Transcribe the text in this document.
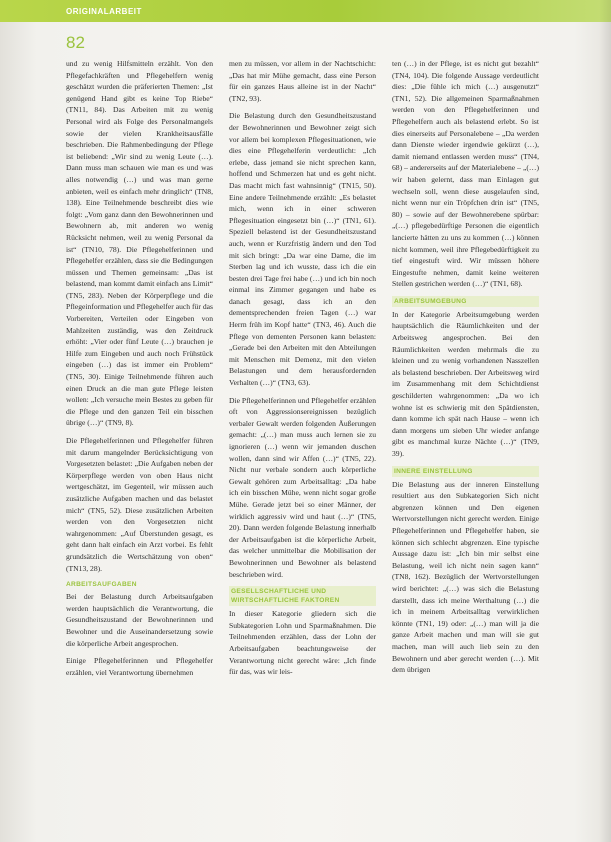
ORIGINALARBEIT
82

und zu wenig Hilfsmitteln erzählt. Von den Pflegefachkräften und Pflegehelfern wenig geschätzt wurden die präferierten Themen: „Ist genügend Hand gibt es keine Top Riebe“ (TN11, 84). Das Arbeiten mit zu wenig Personal wird als Folge des Personalmangels sowie der vielen Krankheitsausfälle beschrieben. Die Rahmenbedingung der Pflege ist beliebend: „Wir sind zu wenig Leute (…). Dann muss man schauen wie man es und was alles notwendig (…) und was man gerne anbieten, weil es einfach mehr dringlich“ (TN8, 138). Eine Teilnehmende beschreibt dies wie folgt: „Vom ganz dann den Bewohnerinnen und Bewohnern ab, mit anderen wo wenig Rücksicht nehmen, weil zu wenig Personal da ist“ (TN10, 78). Die Pflegehelferinnen und Pflegehelfer erzählen, dass sie die Bedingungen müssen und Themen gemeinsam: „Das ist belastend, man kommt damit einfach ans Limit“ (TN5, 283). Neben der Körperpflege und die Pflegeinformation und Pflegehelfer auch für das Vorbereiten, Verteilen oder Eingeben von Mahlzeiten zuständig, was den Zeitdruck erhöht: „Vier oder fünf Leute (…) brauchen je Hilfe zum Eingeben und auch noch Frühstück eingeben (…) das ist immer ein Problem“ (TN5, 30). Einige Teilnehmende führen auch einen Druck an die man gute Pflege leisten wollen: „Ich versuche mein Bestes zu geben für die Pflege und den ganzen Teil ein bisschen übrige (…)“ (TN9, 8).

Die Pflegehelferinnen und Pflegehelfer führen mit darum mangelnder Berücksichtigung von Vorgesetzten belastet: „Die Aufgaben neben der Körperpflege werden von oben Haus nicht wertgeschätzt, im Gegenteil, wir müssen auch zusätzliche Aufgaben machen und das belastet mich“ (TN5, 52). Diese zusätzlichen Arbeiten werden von den Vorgesetzten nicht wahrgenommen: „Auf Überstunden gesagt, es geht dann halt einfach ein Arzt vorbei. Es fehlt grundsätzlich die Wertschätzung von oben“ (TN13, 28).

ARBEITSAUFGABEN

Bei der Belastung durch Arbeitsaufgaben werden hauptsächlich die Verantwortung, die Gesundheitszustand der Bewohnerinnen und Bewohner und die Auseinandersetzung sowie die körperliche Arbeit angesprochen.

Einige Pflegehelferinnen und Pflegehelfer erzählen, viel Verantwortung übernehmen

men zu müssen, vor allem in der Nachtschicht: „Das hat mir Mühe gemacht, dass eine Person für ein ganzes Haus alleine ist in der Nacht“ (TN2, 93).

Die Belastung durch den Gesundheitszustand der Bewohnerinnen und Bewohner zeigt sich vor allem bei komplexen Pflegesituationen, wie dies eine Pflegehelferin verdeutlicht: „Ich erlebe, dass jemand sie nicht sprechen kann, hoffend und Schmerzen hat und es geht nicht. Das macht mich fast wahnsinnig“ (TN15, 50). Eine andere Teilnehmende erzählt: „Es belastet mich, wenn ich in einer schweren Pflegesituation eingesetzt bin (…)“ (TN1, 61). Speziell belastend ist der Gesundheitszustand auch, wenn er Kurzfristig ändern und den Tod mit sich bringt: „Da war eine Dame, die im Sterben lag und ich wusste, dass ich die ein besten drei Tage frei habe (…) und ich bin noch einmal ins Zimmer gegangen und habe es danach gesagt, dass ich an den dementsprechenden freien Tagen (…) war Herrn früh im Kopf hatte“ (TN3, 46). Auch die Pflege von dementen Personen kann belasten: „Gerade bei den Arbeiten mit den Abteilungen mit Menschen mit Demenz, mit den vielen Belastungen und dem herausfordernden Verhalten (…)“ (TN3, 63).

Die Pflegehelferinnen und Pflegehelfer erzählen oft von Aggressionsereignissen bezüglich verbaler Gewalt werden folgenden Äußerungen gemacht: „(…) man muss auch lernen sie zu ignorieren (…) wenn wir jemanden duschen wollen, dann sind wir Affen (…)“ (TN5, 22). Nicht nur verbale sondern auch körperliche Gewalt gehören zum Arbeitsalltag: „Da habe ich ein bisschen Mühe, wenn nicht sogar große Mühe. Gerade jetzt bei so einer Männer, der wirklich aggressiv wird und haut (…)“ (TN5, 20). Dann werden folgende Belastung innerhalb der Arbeitsaufgaben ist die körperliche Arbeit, das welcher unmittelbar die Mobilisation der Bewohnerinnen und Bewohner als belastend beschrieben wird.

GESELLSCHAFTLICHE UND WIRTSCHAFTLICHE FAKTOREN

In dieser Kategorie gliedern sich die Subkategorien Lohn und Sparmaßnahmen. Die Teilnehmenden erzählen, dass der Lohn der Arbeitsaufgaben beachtungsweise der Verantwortung nicht gerecht wäre: „Ich finde für das, was wir leis-

ten (…) in der Pflege, ist es nicht gut bezahlt“ (TN4, 104). Die folgende Aussage verdeutlicht dies: „Die fühle ich mich (…) ausgenutzt“ (TN1, 52). Die allgemeinen Sparmaßnahmen werden von den Pflegehelferinnen und Pflegehelfern auch als belastend erlebt. So ist dies einerseits auf Personalebene – „Da werden dann Dienste wieder irgendwie gekürzt (…), damit niemand entlassen werden muss“ (TN4, 68) – andererseits auf der Materialebene – „(…) wir haben gelernt, dass man Einlagen gut wechseln soll, wenn diese ausgelaufen sind, nicht wenn nur ein Tröpfchen drin ist“ (TN5, 80) – sowie auf der Bewohnerebene spürbar: „(…) pflegebedürftige Personen die eigentlich lancierte hätten zu uns zu kommen (…) können nicht kommen, weil ihre Pflegebedürftigkeit zu tief eingestuft wird. Wir müssen höhere Eingestufte nehmen, damit keine weiteren Stellen gestrichen werden (…)“ (TN1, 68).

ARBEITSUMGEBUNG

In der Kategorie Arbeitsumgebung werden hauptsächlich die Räumlichkeiten und der Arbeitsweg angesprochen. Bei den Räumlichkeiten werden mehrmals die zu kleinen und zu wenig vorhandenen Nasszellen als belastend beschrieben. Der Arbeitsweg wird im Zusammenhang mit dem Schichtdienst geschilderten wahrgenommen: „Da wo ich wohne ist es schwierig mit den Spätdiensten, dann komme ich spät nach Hause – wenn ich dann morgens um sieben Uhr wieder anfange gibt es manchmal kurze Nächte (…)“ (TN9, 39).

INNERE EINSTELLUNG

Die Belastung aus der inneren Einstellung resultiert aus den Subkategorien Sich nicht abgrenzen können und Den eigenen Wertvorstellungen nicht gerecht werden. Einige Pflegehelferinnen und Pflegehelfer haben, sie können sich schlecht abgrenzen. Eine typische Aussage dazu ist: „Ich bin mir selbst eine Belastung, weil ich nicht nein sagen kann“ (TN8, 162). Bezüglich der Wertvorstellungen wird berichtet: „(…) was sich die Belastung darstellt, dass ich meine Werthaltung (…) die ich in meinem Arbeitsalltag verwirklichen könnte (TN1, 19) oder: „(…) man will ja die ganze Arbeit machen und man will sie gut machen, man will auch lieb sein zu den Bewohnern und aber gerecht werden (…). Mit dem übrigen
